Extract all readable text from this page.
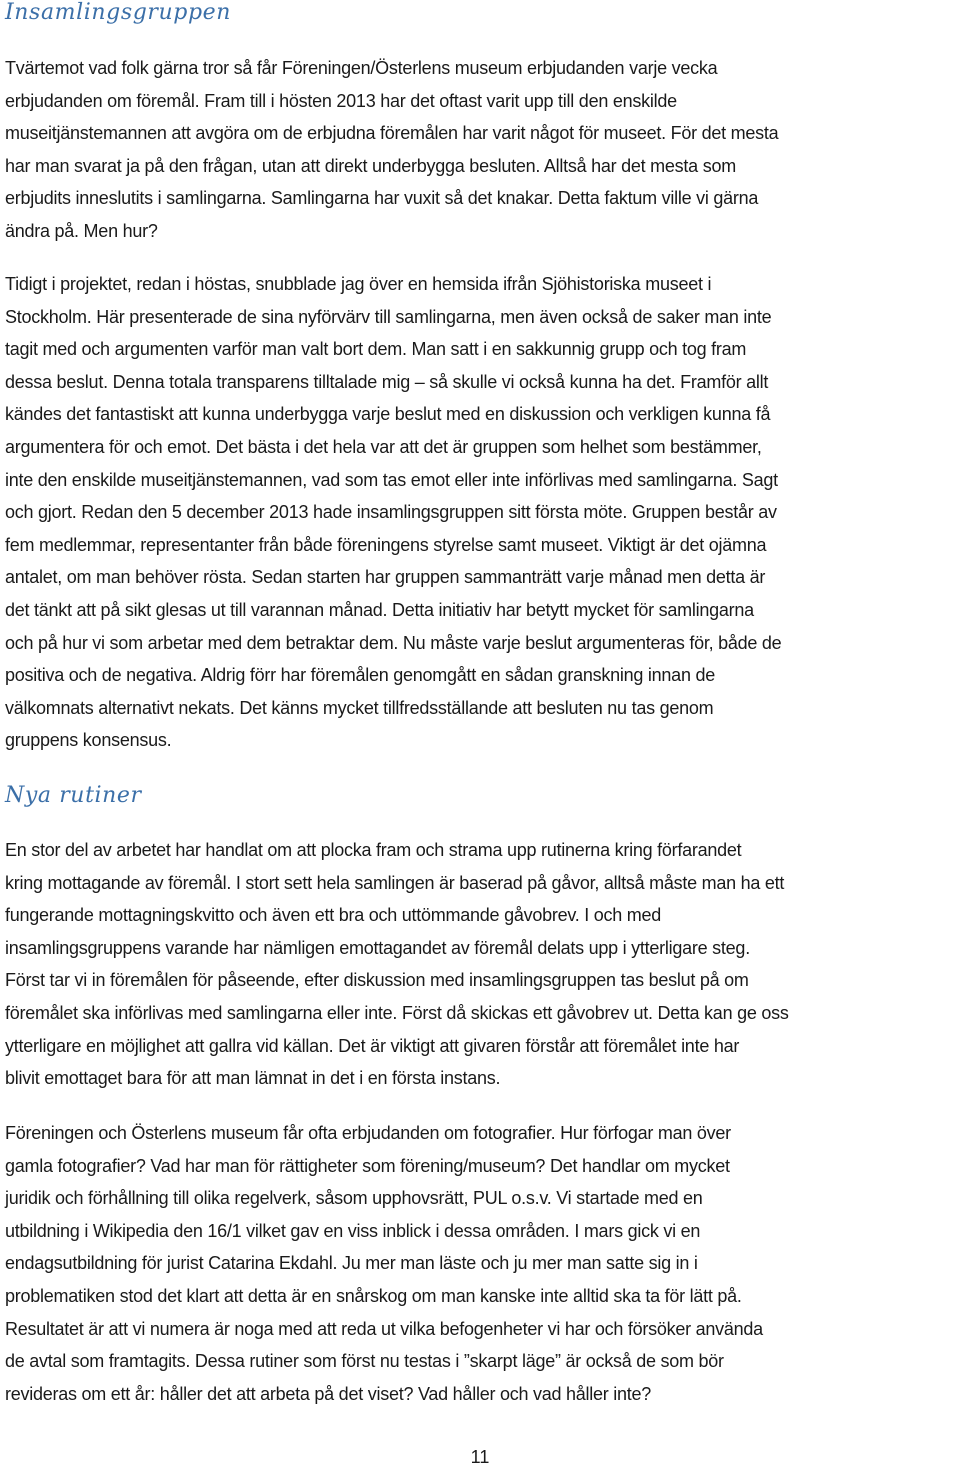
Insamlingsgruppen

Tvärtemot vad folk gärna tror så får Föreningen/Österlens museum erbjudanden varje vecka
erbjudanden om föremål. Fram till i hösten 2013 har det oftast varit upp till den enskilde
museitjänstemannen att avgöra om de erbjudna föremålen har varit något för museet. För det mesta
har man svarat ja på den frågan, utan att direkt underbygga besluten. Alltså har det mesta som
erbjudits inneslutits i samlingarna. Samlingarna har vuxit så det knakar. Detta faktum ville vi gärna
ändra på. Men hur?

Tidigt i projektet, redan i höstas, snubblade jag över en hemsida ifrån Sjöhistoriska museet i
Stockholm. Här presenterade de sina nyförvärv till samlingarna, men även också de saker man inte
tagit med och argumenten varför man valt bort dem. Man satt i en sakkunnig grupp och tog fram
dessa beslut. Denna totala transparens tilltalade mig – så skulle vi också kunna ha det. Framför allt
kändes det fantastiskt att kunna underbygga varje beslut med en diskussion och verkligen kunna få
argumentera för och emot. Det bästa i det hela var att det är gruppen som helhet som bestämmer,
inte den enskilde museitjänstemannen, vad som tas emot eller inte införlivas med samlingarna. Sagt
och gjort. Redan den 5 december 2013 hade insamlingsgruppen sitt första möte. Gruppen består av
fem medlemmar, representanter från både föreningens styrelse samt museet. Viktigt är det ojämna
antalet, om man behöver rösta. Sedan starten har gruppen sammanträtt varje månad men detta är
det tänkt att på sikt glesas ut till varannan månad. Detta initiativ har betytt mycket för samlingarna
och på hur vi som arbetar med dem betraktar dem. Nu måste varje beslut argumenteras för, både de
positiva och de negativa. Aldrig förr har föremålen genomgått en sådan granskning innan de
välkomnats alternativt nekats. Det känns mycket tillfredsställande att besluten nu tas genom
gruppens konsensus.

Nya rutiner

En stor del av arbetet har handlat om att plocka fram och strama upp rutinerna kring förfarandet
kring mottagande av föremål. I stort sett hela samlingen är baserad på gåvor, alltså måste man ha ett
fungerande mottagningskvitto och även ett bra och uttömmande gåvobrev. I och med
insamlingsgruppens varande har nämligen emottagandet av föremål delats upp i ytterligare steg.
Först tar vi in föremålen för påseende, efter diskussion med insamlingsgruppen tas beslut på om
föremålet ska införlivas med samlingarna eller inte. Först då skickas ett gåvobrev ut. Detta kan ge oss
ytterligare en möjlighet att gallra vid källan. Det är viktigt att givaren förstår att föremålet inte har
blivit emottaget bara för att man lämnat in det i en första instans.

Föreningen och Österlens museum får ofta erbjudanden om fotografier. Hur förfogar man över
gamla fotografier? Vad har man för rättigheter som förening/museum? Det handlar om mycket
juridik och förhållning till olika regelverk, såsom upphovsrätt, PUL o.s.v. Vi startade med en
utbildning i Wikipedia den 16/1 vilket gav en viss inblick i dessa områden. I mars gick vi en
endagsutbildning för jurist Catarina Ekdahl. Ju mer man läste och ju mer man satte sig in i
problematiken stod det klart att detta är en snårskog om man kanske inte alltid ska ta för lätt på.
Resultatet är att vi numera är noga med att reda ut vilka befogenheter vi har och försöker använda
de avtal som framtagits. Dessa rutiner som först nu testas i ”skarpt läge” är också de som bör
revideras om ett år: håller det att arbeta på det viset? Vad håller och vad håller inte?

11
